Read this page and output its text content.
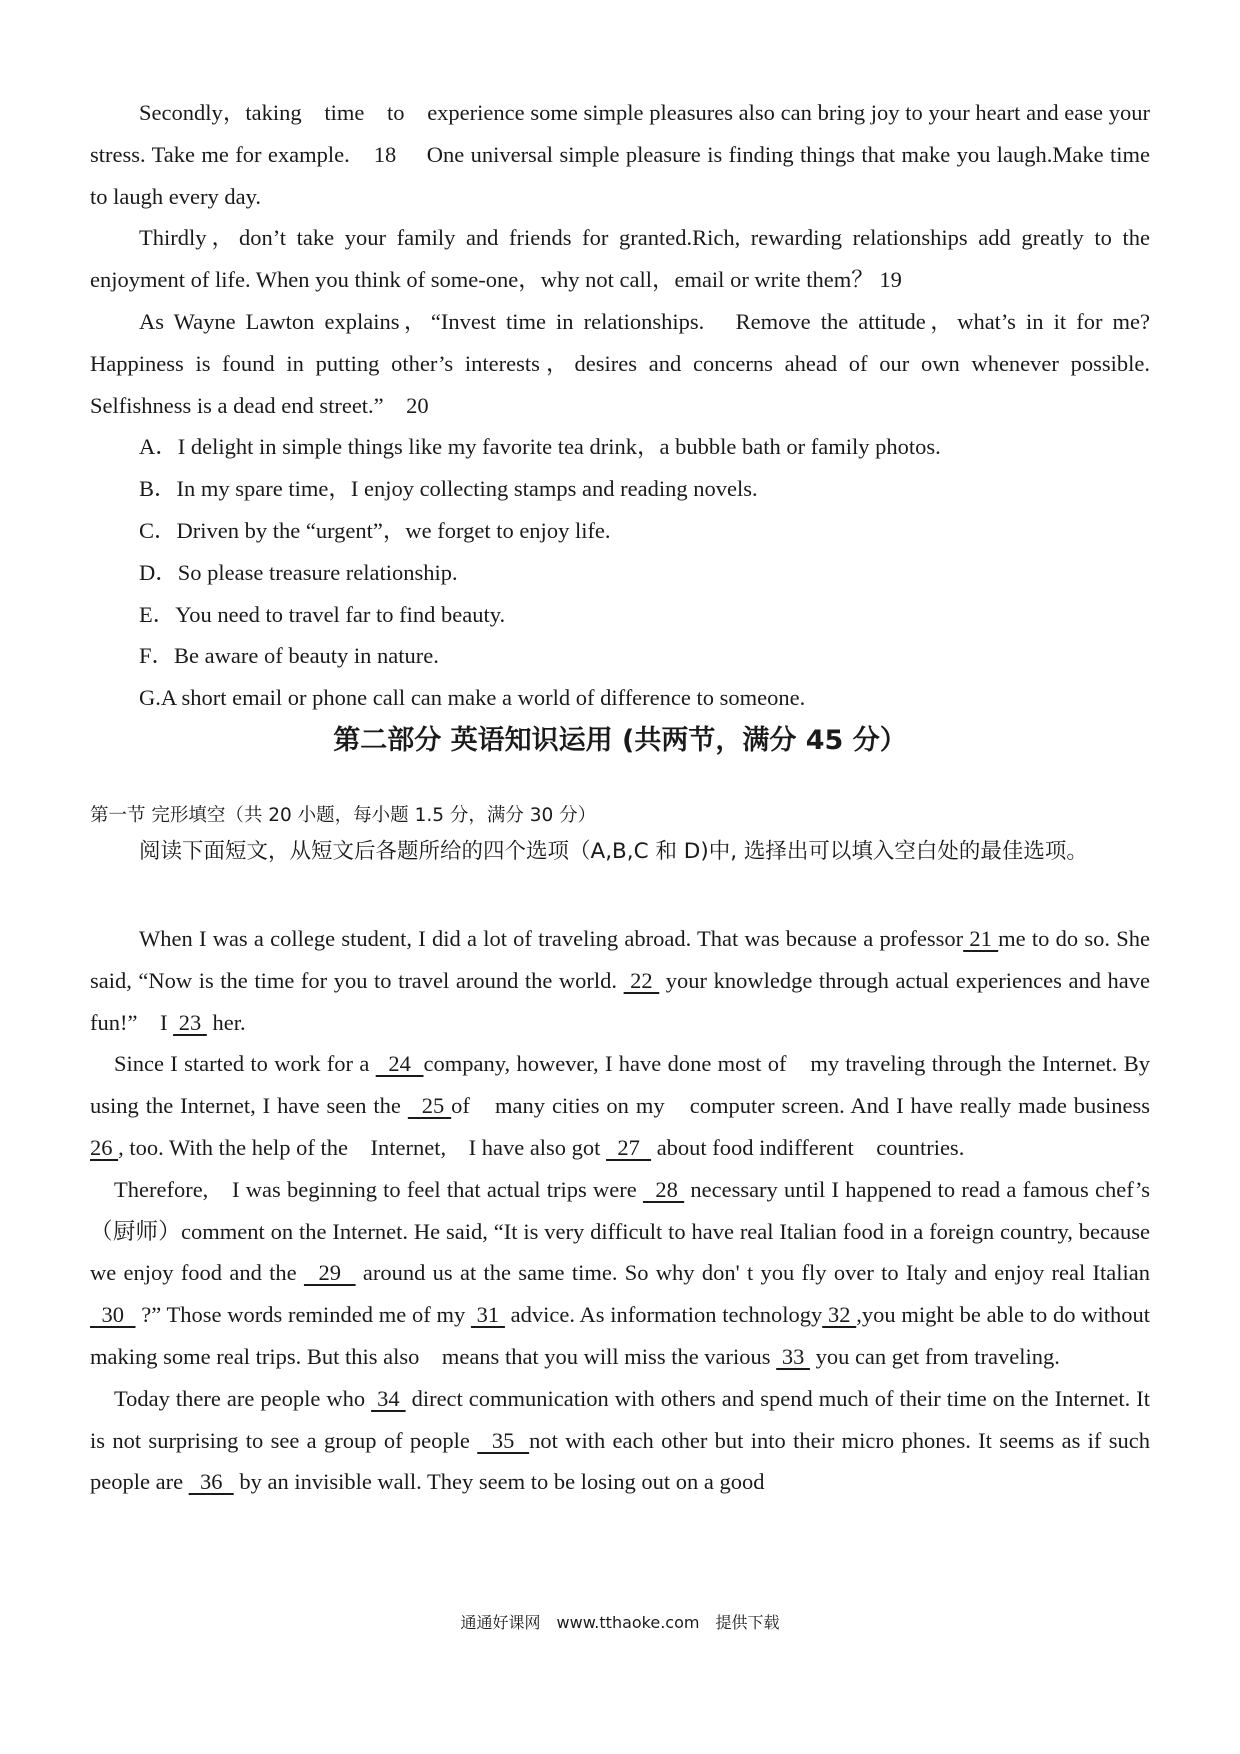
Secondly，taking　time　to　experience some simple pleasures also can bring joy to your heart and ease your stress. Take me for example.　18　 One universal simple pleasure is finding things that make you laugh.Make time to laugh every day.

Thirdly，don’t take your family and friends for granted.Rich, rewarding relationships add greatly to the enjoyment of life. When you think of some-one，why not call，email or write them？ 19

As Wayne Lawton explains，“Invest time in relationships.　Remove the attitude，what’s in it for me? Happiness is found in putting other’s interests，desires and concerns ahead of our own whenever possible. Selfishness is a dead end street.”　20

A．I delight in simple things like my favorite tea drink，a bubble bath or family photos.
B．In my spare time，I enjoy collecting stamps and reading novels.
C．Driven by the “urgent”，we forget to enjoy life.
D．So please treasure relationship.
E．You need to travel far to find beauty.
F．Be aware of beauty in nature.
G.A short email or phone call can make a world of difference to someone.
第二部分 英语知识运用 (共两节，满分 45 分）
第一节 完形填空（共 20 小题，每小题 1.5 分，满分 30 分）

阅读下面短文，从短文后各题所给的四个选项（A,B,C 和 D)中, 选择出可以填入空白处的最佳选项。

When I was a college student, I did a lot of traveling abroad. That was because a professor 21 me to do so. She said, “Now is the time for you to travel around the world.  22  your knowledge through actual experiences and have fun!”　I  23  her.

Since I started to work for a   24  company, however, I have done most of　my traveling through the Internet. By using the Internet, I have seen the   25 of　many cities on my　computer screen. And I have really made business 26 , too. With the help of the　Internet,　I have also got   27   about food indifferent　countries.

Therefore,　I was beginning to feel that actual trips were   28  necessary until I happened to read a famous chef’s（厨师）comment on the Internet. He said, “It is very difficult to have real Italian food in a foreign country, because we enjoy food and the   29   around us at the same time. So why don' t you fly over to Italy and enjoy real Italian   30   ?” Those words reminded me of my  31  advice. As information technology 32 ,you might be able to do without making some real trips. But this also　means that you will miss the various  33  you can get from traveling.

Today there are people who  34  direct communication with others and spend much of their time on the Internet. It is not surprising to see a group of people   35  not with each other but into their micro phones. It seems as if such people are   36   by an invisible wall. They seem to be losing out on a good

通通好课网　www.tthaoke.com　提供下载
